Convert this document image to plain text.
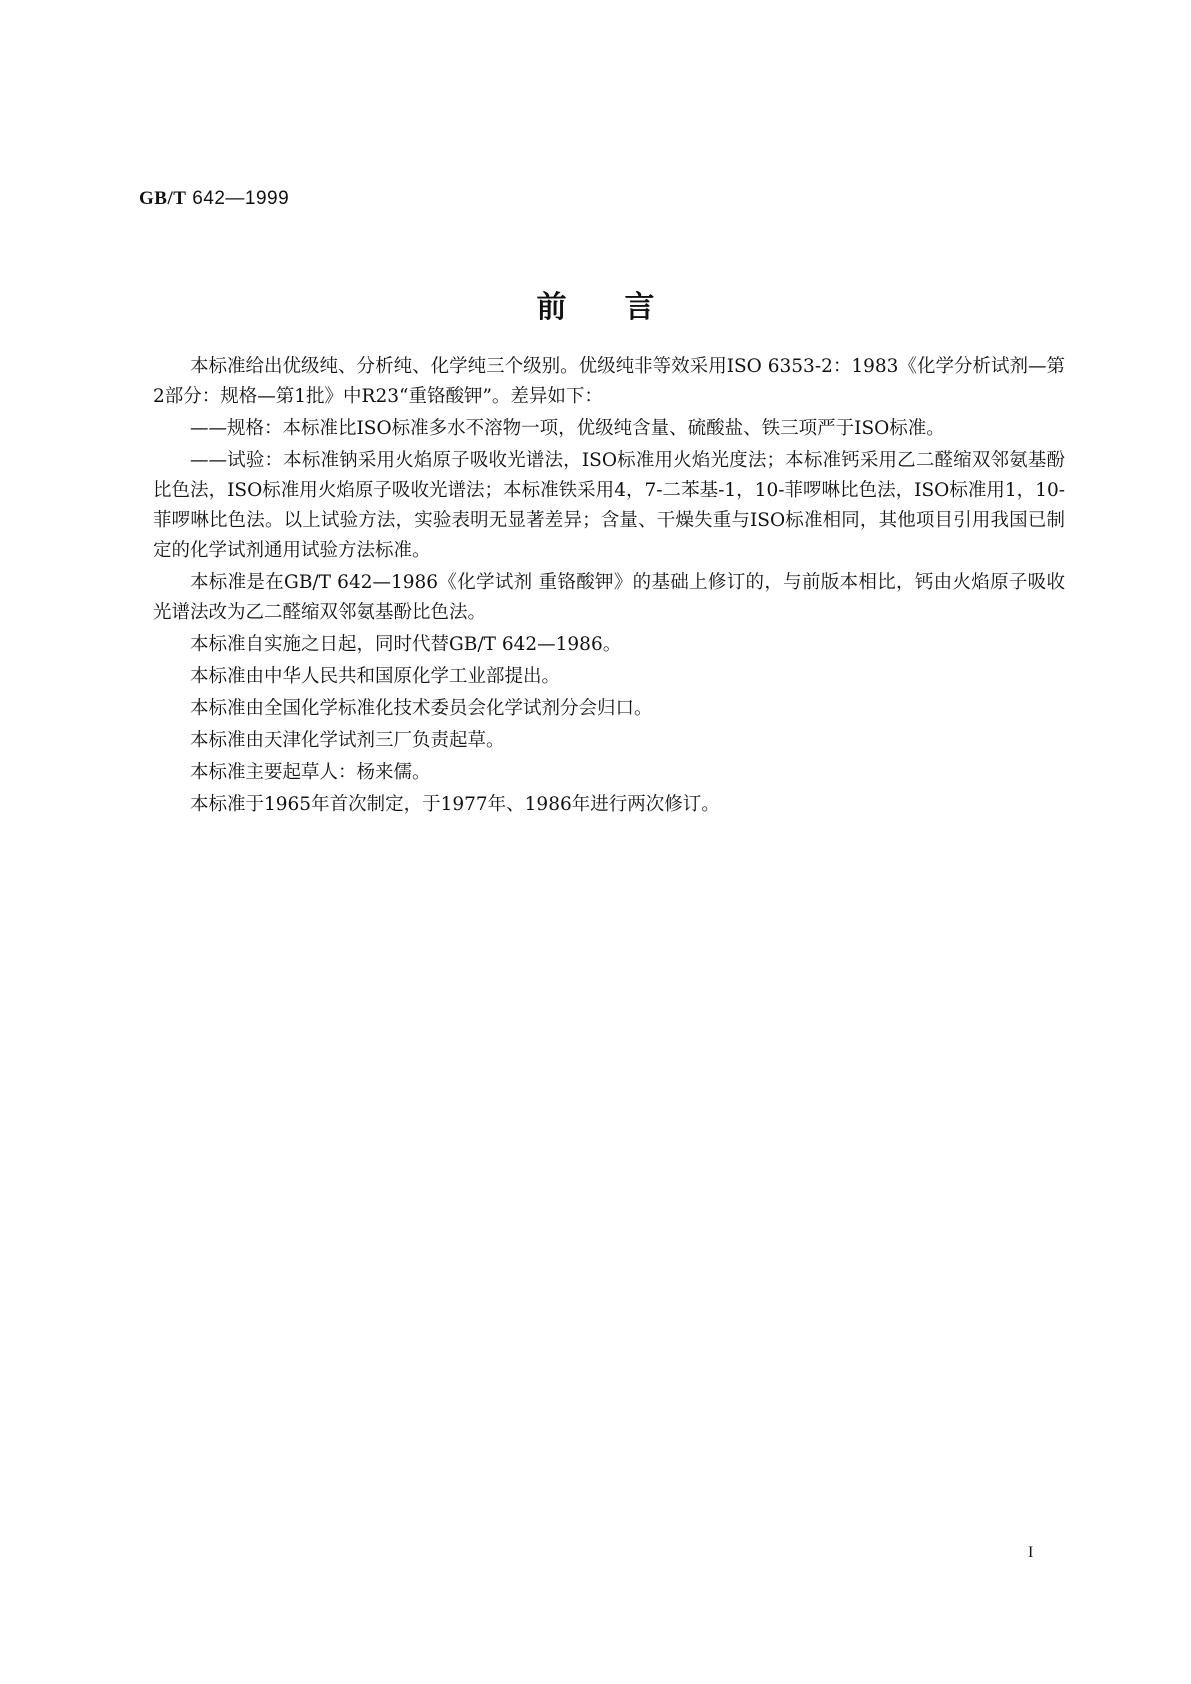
GB/T 642—1999
前言

本标准给出优级纯、分析纯、化学纯三个级别。优级纯非等效采用ISO 6353-2：1983《化学分析试剂—第2部分：规格—第1批》中R23“重铬酸钾”。差异如下：

——规格：本标准比ISO标准多水不溶物一项，优级纯含量、硫酸盐、铁三项严于ISO标准。

——试验：本标准钠采用火焰原子吸收光谱法，ISO标准用火焰光度法；本标准钙采用乙二醛缩双邻氨基酚比色法，ISO标准用火焰原子吸收光谱法；本标准铁采用4，7-二苯基-1，10-菲啰啉比色法，ISO标准用1，10-菲啰啉比色法。以上试验方法，实验表明无显著差异；含量、干燥失重与ISO标准相同，其他项目引用我国已制定的化学试剂通用试验方法标准。

本标准是在GB/T 642—1986《化学试剂 重铬酸钾》的基础上修订的，与前版本相比，钙由火焰原子吸收光谱法改为乙二醛缩双邻氨基酚比色法。

本标准自实施之日起，同时代替GB/T 642—1986。

本标准由中华人民共和国原化学工业部提出。

本标准由全国化学标准化技术委员会化学试剂分会归口。

本标准由天津化学试剂三厂负责起草。

本标准主要起草人：杨来儒。

本标准于1965年首次制定，于1977年、1986年进行两次修订。

I
